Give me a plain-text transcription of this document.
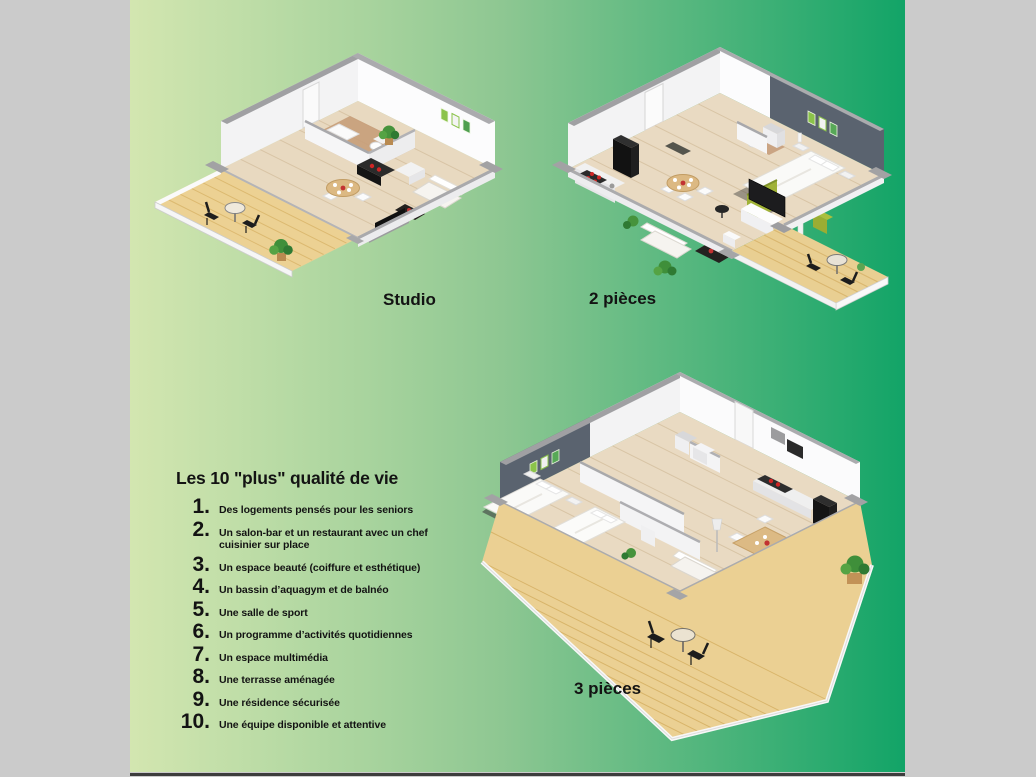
Studio	2 pièces
3 pièces
Les 10 "plus" qualité de vie
1. Des logements pensés pour les seniors
2. Un salon-bar et un restaurant avec un chef cuisinier sur place
3. Un espace beauté (coiffure et esthétique)
4. Un bassin d’aquagym et de balnéo
5. Une salle de sport
6. Un programme d’activités quotidiennes
7. Un espace multimédia
8. Une terrasse aménagée
9. Une résidence sécurisée
10. Une équipe disponible et attentive
